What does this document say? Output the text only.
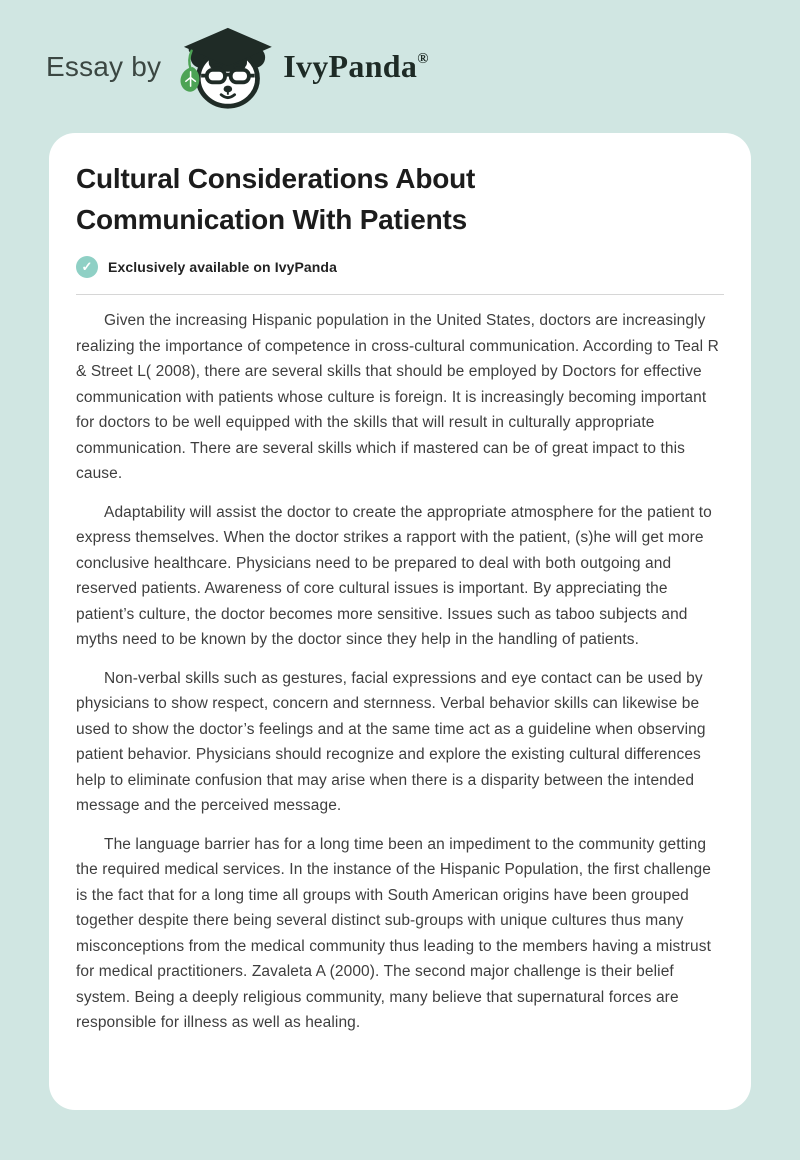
Essay by	IvyPanda®
Cultural Considerations About
Communication With Patients
✓	Exclusively available on IvyPanda

Given the increasing Hispanic population in the United States, doctors are increasingly realizing the importance of competence in cross-cultural communication. According to Teal R & Street L( 2008), there are several skills that should be employed by Doctors for effective communication with patients whose culture is foreign. It is increasingly becoming important for doctors to be well equipped with the skills that will result in culturally appropriate communication. There are several skills which if mastered can be of great impact to this cause.

Adaptability will assist the doctor to create the appropriate atmosphere for the patient to express themselves. When the doctor strikes a rapport with the patient, (s)he will get more conclusive healthcare. Physicians need to be prepared to deal with both outgoing and reserved patients. Awareness of core cultural issues is important. By appreciating the patient’s culture, the doctor becomes more sensitive. Issues such as taboo subjects and myths need to be known by the doctor since they help in the handling of patients.

Non-verbal skills such as gestures, facial expressions and eye contact can be used by physicians to show respect, concern and sternness. Verbal behavior skills can likewise be used to show the doctor’s feelings and at the same time act as a guideline when observing patient behavior. Physicians should recognize and explore the existing cultural differences help to eliminate confusion that may arise when there is a disparity between the intended message and the perceived message.

The language barrier has for a long time been an impediment to the community getting the required medical services. In the instance of the Hispanic Population, the first challenge is the fact that for a long time all groups with South American origins have been grouped together despite there being several distinct sub-groups with unique cultures thus many misconceptions from the medical community thus leading to the members having a mistrust for medical practitioners. Zavaleta A (2000). The second major challenge is their belief system. Being a deeply religious community, many believe that supernatural forces are responsible for illness as well as healing.
